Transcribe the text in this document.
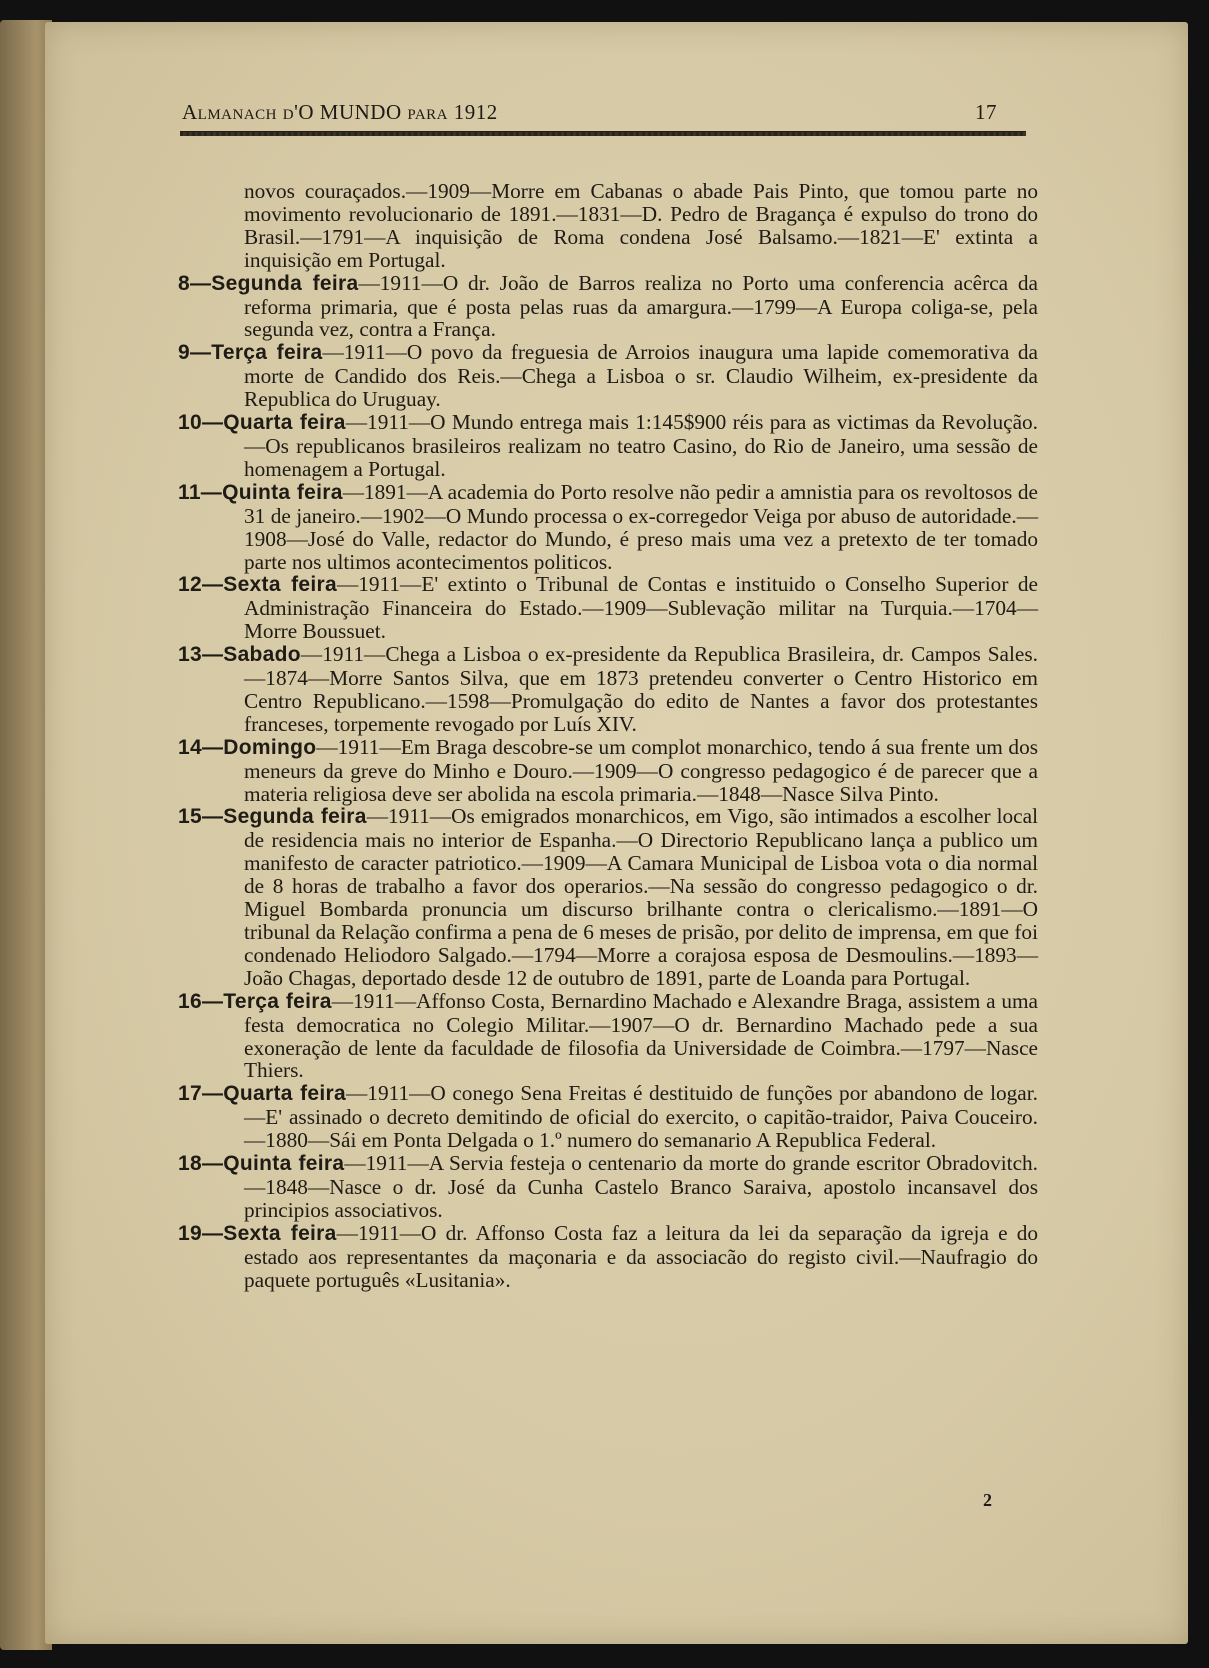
Almanach d'O MUNDO para 1912	17

novos couraçados.—1909—Morre em Cabanas o abade Pais Pinto, que tomou parte no movimento revolucionario de 1891.—1831—D. Pedro de Bragança é expulso do trono do Brasil.—1791—A inquisição de Roma condena José Balsamo.—1821—E' extinta a inquisição em Portugal.

8—Segunda feira—1911—O dr. João de Barros realiza no Porto uma conferencia acêrca da reforma primaria, que é posta pelas ruas da amargura.—1799—A Europa coliga-se, pela segunda vez, contra a França.

9—Terça feira—1911—O povo da freguesia de Arroios inaugura uma lapide comemorativa da morte de Candido dos Reis.—Chega a Lisboa o sr. Claudio Wilheim, ex-presidente da Republica do Uruguay.

10—Quarta feira—1911—O Mundo entrega mais 1:145$900 réis para as victimas da Revolução.—Os republicanos brasileiros realizam no teatro Casino, do Rio de Janeiro, uma sessão de homenagem a Portugal.

11—Quinta feira—1891—A academia do Porto resolve não pedir a amnistia para os revoltosos de 31 de janeiro.—1902—O Mundo processa o ex-corregedor Veiga por abuso de autoridade.—1908—José do Valle, redactor do Mundo, é preso mais uma vez a pretexto de ter tomado parte nos ultimos acontecimentos politicos.

12—Sexta feira—1911—E' extinto o Tribunal de Contas e instituido o Conselho Superior de Administração Financeira do Estado.—1909—Sublevação militar na Turquia.—1704—Morre Boussuet.

13—Sabado—1911—Chega a Lisboa o ex-presidente da Republica Brasileira, dr. Campos Sales.—1874—Morre Santos Silva, que em 1873 pretendeu converter o Centro Historico em Centro Republicano.—1598—Promulgação do edito de Nantes a favor dos protestantes franceses, torpemente revogado por Luís XIV.

14—Domingo—1911—Em Braga descobre-se um complot monarchico, tendo á sua frente um dos meneurs da greve do Minho e Douro.—1909—O congresso pedagogico é de parecer que a materia religiosa deve ser abolida na escola primaria.—1848—Nasce Silva Pinto.

15—Segunda feira—1911—Os emigrados monarchicos, em Vigo, são intimados a escolher local de residencia mais no interior de Espanha.—O Directorio Republicano lança a publico um manifesto de caracter patriotico.—1909—A Camara Municipal de Lisboa vota o dia normal de 8 horas de trabalho a favor dos operarios.—Na sessão do congresso pedagogico o dr. Miguel Bombarda pronuncia um discurso brilhante contra o clericalismo.—1891—O tribunal da Relação confirma a pena de 6 meses de prisão, por delito de imprensa, em que foi condenado Heliodoro Salgado.—1794—Morre a corajosa esposa de Desmoulins.—1893—João Chagas, deportado desde 12 de outubro de 1891, parte de Loanda para Portugal.

16—Terça feira—1911—Affonso Costa, Bernardino Machado e Alexandre Braga, assistem a uma festa democratica no Colegio Militar.—1907—O dr. Bernardino Machado pede a sua exoneração de lente da faculdade de filosofia da Universidade de Coimbra.—1797—Nasce Thiers.

17—Quarta feira—1911—O conego Sena Freitas é destituido de funções por abandono de logar.—E' assinado o decreto demitindo de oficial do exercito, o capitão-traidor, Paiva Couceiro.—1880—Sái em Ponta Delgada o 1.º numero do semanario A Republica Federal.

18—Quinta feira—1911—A Servia festeja o centenario da morte do grande escritor Obradovitch.—1848—Nasce o dr. José da Cunha Castelo Branco Saraiva, apostolo incansavel dos principios associativos.

19—Sexta feira—1911—O dr. Affonso Costa faz a leitura da lei da separação da igreja e do estado aos representantes da maçonaria e da associacão do registo civil.—Naufragio do paquete português «Lusitania».

2
